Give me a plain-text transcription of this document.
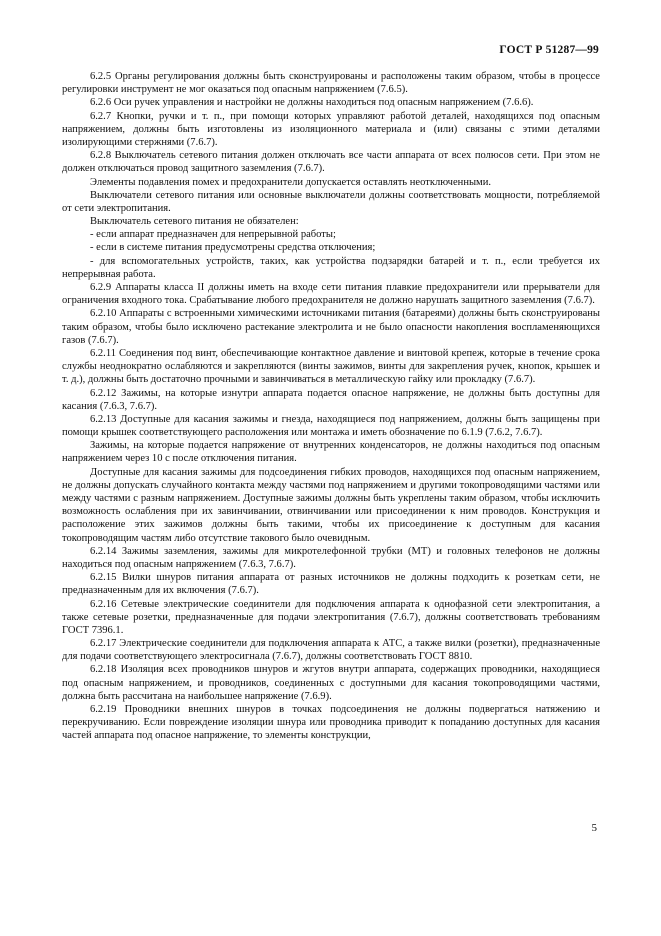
ГОСТ Р 51287—99

6.2.5 Органы регулирования должны быть сконструированы и расположены таким образом, чтобы в процессе регулировки инструмент не мог оказаться под опасным напряжением (7.6.5).

6.2.6 Оси ручек управления и настройки не должны находиться под опасным напряжением (7.6.6).

6.2.7 Кнопки, ручки и т. п., при помощи которых управляют работой деталей, находящихся под опасным напряжением, должны быть изготовлены из изоляционного материала и (или) связаны с этими деталями изолирующими стержнями (7.6.7).

6.2.8 Выключатель сетевого питания должен отключать все части аппарата от всех полюсов сети. При этом не должен отключаться провод защитного заземления (7.6.7).

Элементы подавления помех и предохранители допускается оставлять неотключенными.

Выключатели сетевого питания или основные выключатели должны соответствовать мощности, потребляемой от сети электропитания.

Выключатель сетевого питания не обязателен:

- если аппарат предназначен для непрерывной работы;

- если в системе питания предусмотрены средства отключения;

- для вспомогательных устройств, таких, как устройства подзарядки батарей и т. п., если требуется их непрерывная работа.

6.2.9 Аппараты класса II должны иметь на входе сети питания плавкие предохранители или прерыватели для ограничения входного тока. Срабатывание любого предохранителя не должно нарушать защитного заземления (7.6.7).

6.2.10 Аппараты с встроенными химическими источниками питания (батареями) должны быть сконструированы таким образом, чтобы было исключено растекание электролита и не было опасности накопления воспламеняющихся газов (7.6.7).

6.2.11 Соединения под винт, обеспечивающие контактное давление и винтовой крепеж, которые в течение срока службы неоднократно ослабляются и закрепляются (винты зажимов, винты для закрепления ручек, кнопок, крышек и т. д.), должны быть достаточно прочными и завинчиваться в металлическую гайку или прокладку (7.6.7).

6.2.12 Зажимы, на которые изнутри аппарата подается опасное напряжение, не должны быть доступны для касания (7.6.3, 7.6.7).

6.2.13 Доступные для касания зажимы и гнезда, находящиеся под напряжением, должны быть защищены при помощи крышек соответствующего расположения или монтажа и иметь обозначение по 6.1.9 (7.6.2, 7.6.7).

Зажимы, на которые подается напряжение от внутренних конденсаторов, не должны находиться под опасным напряжением через 10 с после отключения питания.

Доступные для касания зажимы для подсоединения гибких проводов, находящихся под опасным напряжением, не должны допускать случайного контакта между частями под напряжением и другими токопроводящими частями или между частями с разным напряжением. Доступные зажимы должны быть укреплены таким образом, чтобы исключить возможность ослабления при их завинчивании, отвинчивании или присоединении к ним проводов. Конструкция и расположение этих зажимов должны быть такими, чтобы их присоединение к доступным для касания токопроводящим частям либо отсутствие такового было очевидным.

6.2.14 Зажимы заземления, зажимы для микротелефонной трубки (МТ) и головных телефонов не должны находиться под опасным напряжением (7.6.3, 7.6.7).

6.2.15 Вилки шнуров питания аппарата от разных источников не должны подходить к розеткам сети, не предназначенным для их включения (7.6.7).

6.2.16 Сетевые электрические соединители для подключения аппарата к однофазной сети электропитания, а также сетевые розетки, предназначенные для подачи электропитания (7.6.7), должны соответствовать требованиям ГОСТ 7396.1.

6.2.17 Электрические соединители для подключения аппарата к АТС, а также вилки (розетки), предназначенные для подачи соответствующего электросигнала (7.6.7), должны соответствовать ГОСТ 8810.

6.2.18 Изоляция всех проводников шнуров и жгутов внутри аппарата, содержащих проводники, находящиеся под опасным напряжением, и проводников, соединенных с доступными для касания токопроводящими частями, должна быть рассчитана на наибольшее напряжение (7.6.9).

6.2.19 Проводники внешних шнуров в точках подсоединения не должны подвергаться натяжению и перекручиванию. Если повреждение изоляции шнура или проводника приводит к попаданию доступных для касания частей аппарата под опасное напряжение, то элементы конструкции,

5
